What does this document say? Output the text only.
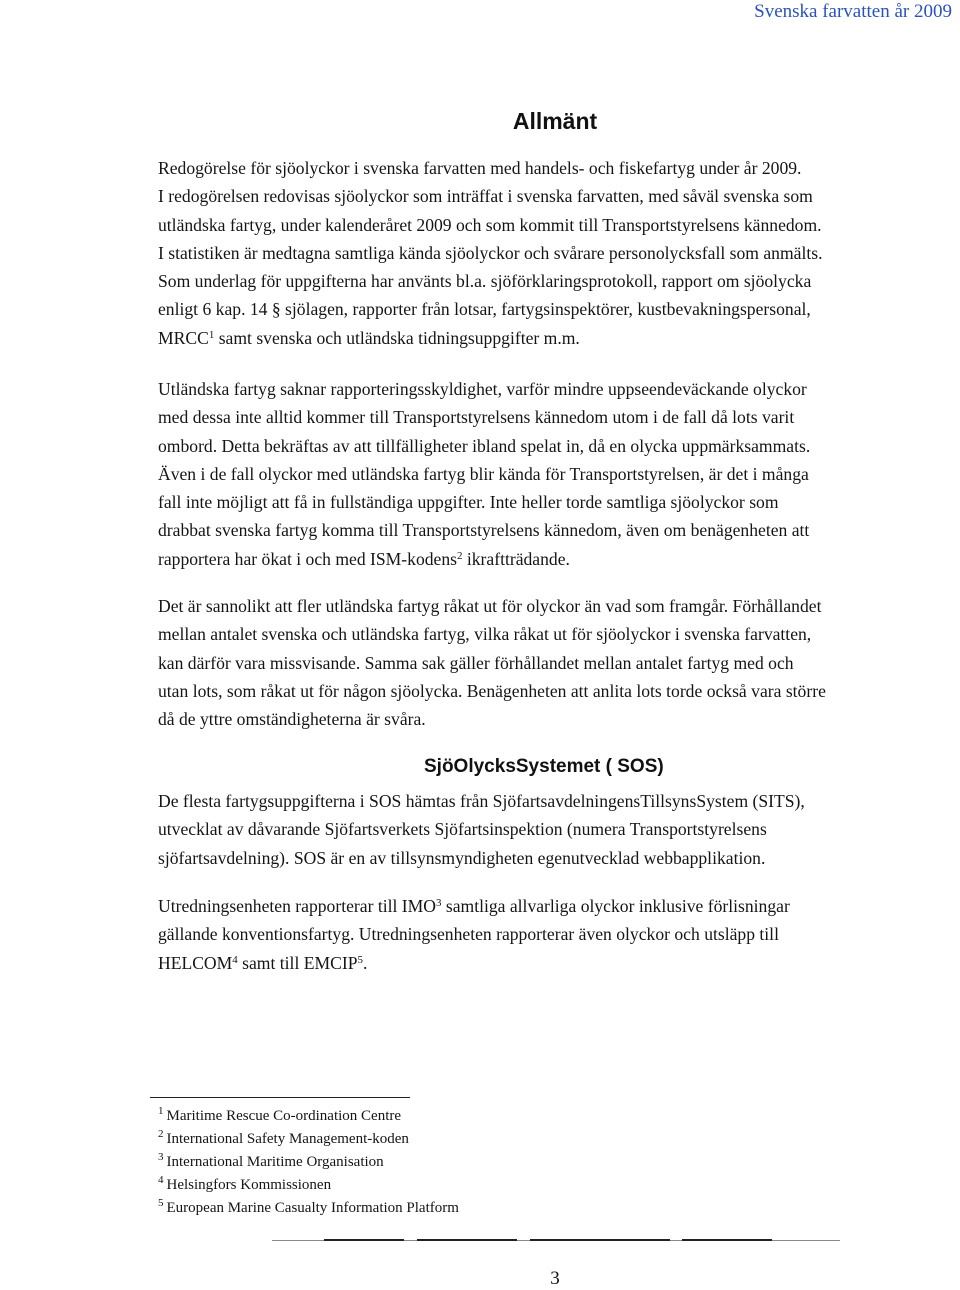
Svenska farvatten år 2009
Allmänt

Redogörelse för sjöolyckor i svenska farvatten med handels- och fiskefartyg under år 2009.

I redogörelsen redovisas sjöolyckor som inträffat i svenska farvatten, med såväl svenska som

utländska fartyg, under kalenderåret 2009 och som kommit till Transportstyrelsens kännedom.

I statistiken är medtagna samtliga kända sjöolyckor och svårare personolycksfall som anmälts.

Som underlag för uppgifterna har använts bl.a. sjöförklaringsprotokoll, rapport om sjöolycka

enligt 6 kap. 14 § sjölagen, rapporter från lotsar, fartygsinspektörer, kustbevakningspersonal,

MRCC$^1$ samt svenska och utländska tidningsuppgifter m.m.

Utländska fartyg saknar rapporteringsskyldighet, varför mindre uppseendeväckande olyckor

med dessa inte alltid kommer till Transportstyrelsens kännedom utom i de fall då lots varit

ombord. Detta bekräftas av att tillfälligheter ibland spelat in, då en olycka uppmärksammats.

Även i de fall olyckor med utländska fartyg blir kända för Transportstyrelsen, är det i många

fall inte möjligt att få in fullständiga uppgifter. Inte heller torde samtliga sjöolyckor som

drabbat svenska fartyg komma till Transportstyrelsens kännedom, även om benägenheten att

rapportera har ökat i och med ISM-kodens$^2$ ikraftträdande.

Det är sannolikt att fler utländska fartyg råkat ut för olyckor än vad som framgår. Förhållandet

mellan antalet svenska och utländska fartyg, vilka råkat ut för sjöolyckor i svenska farvatten,

kan därför vara missvisande. Samma sak gäller förhållandet mellan antalet fartyg med och

utan lots, som råkat ut för någon sjöolycka. Benägenheten att anlita lots torde också vara större

då de yttre omständigheterna är svåra.

SjöOlycksSystemet ( SOS)

De flesta fartygsuppgifterna i SOS hämtas från SjöfartsavdelningensTillsynsSystem (SITS),

utvecklat av dåvarande Sjöfartsverkets Sjöfartsinspektion (numera Transportstyrelsens

sjöfartsavdelning). SOS är en av tillsynsmyndigheten egenutvecklad webbapplikation.

Utredningsenheten rapporterar till IMO$^3$ samtliga allvarliga olyckor inklusive förlisningar

gällande konventionsfartyg. Utredningsenheten rapporterar även olyckor och utsläpp till

HELCOM$^4$ samt till EMCIP$^5$.

1 Maritime Rescue Co-ordination Centre
2 International Safety Management-koden
3 International Maritime Organisation
4 Helsingfors Kommissionen
5 European Marine Casualty Information Platform
3
